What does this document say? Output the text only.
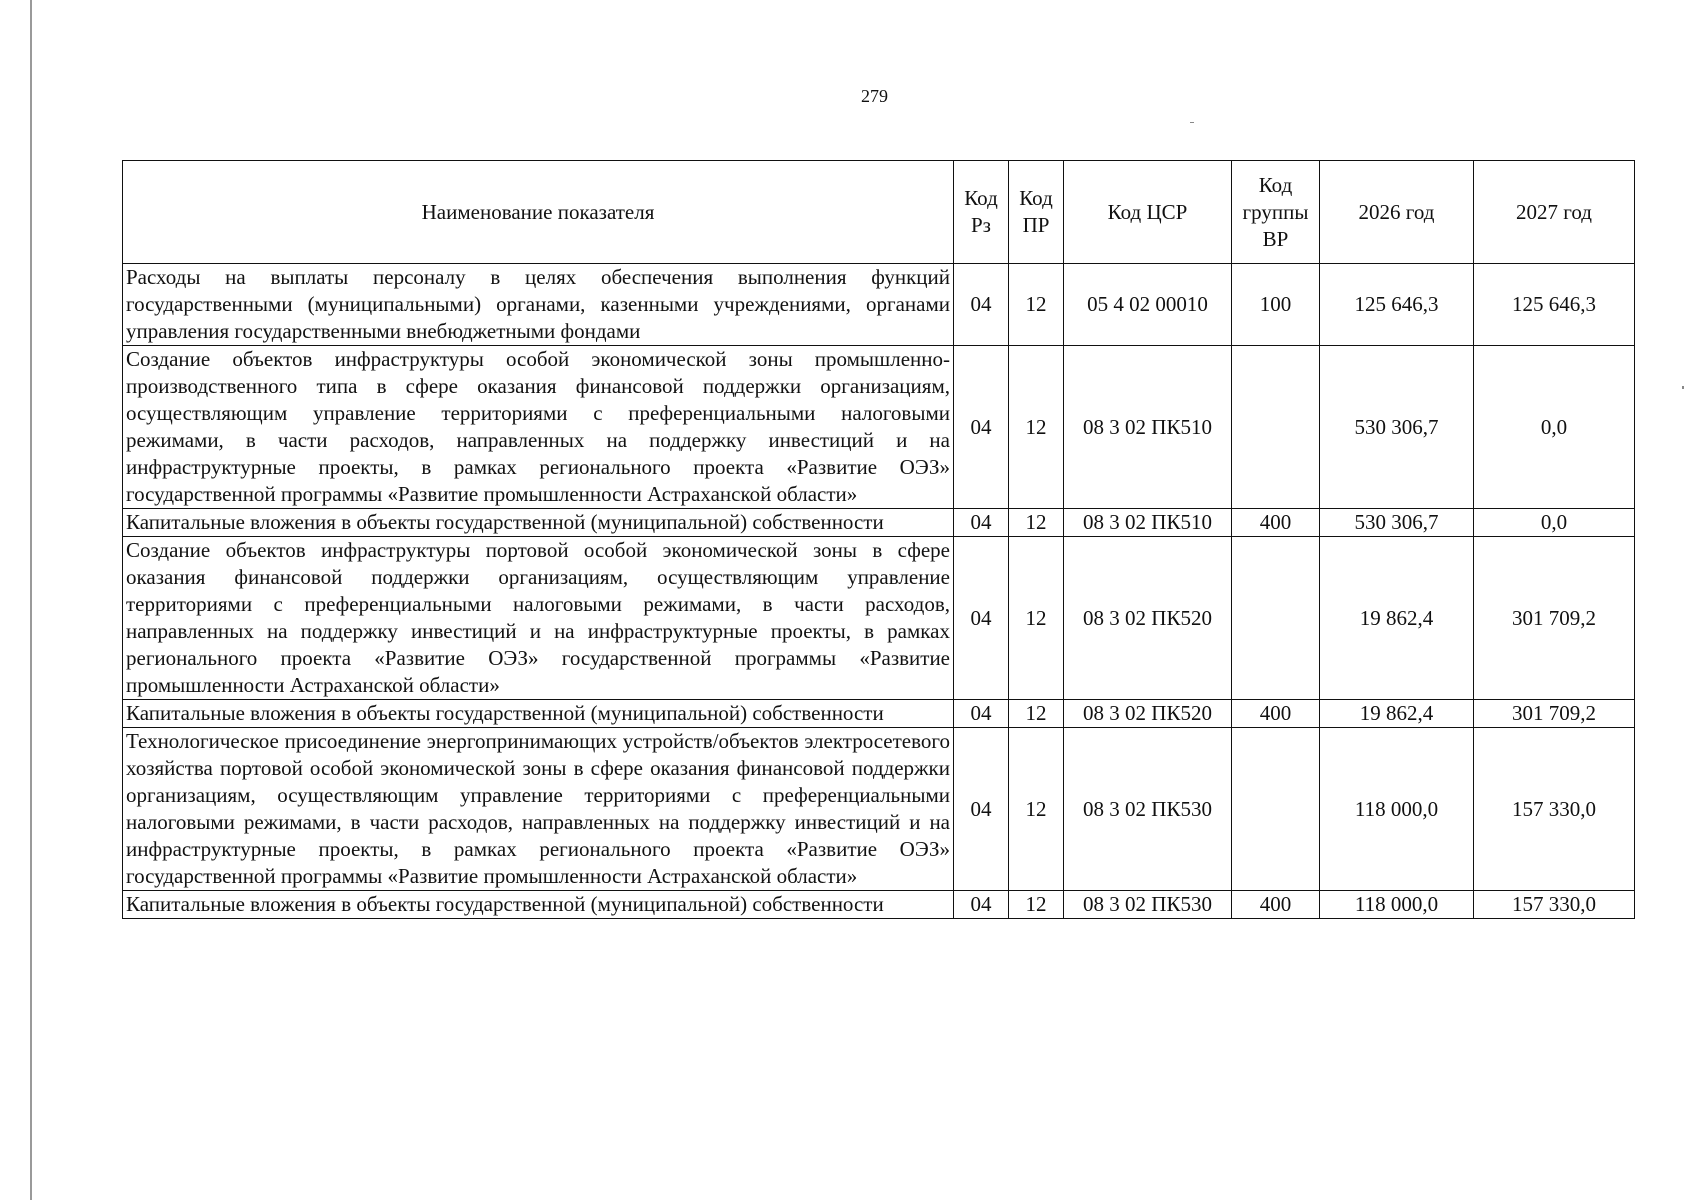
279
Наименование показателя	Код Рз	Код ПР	Код ЦСР	Код группы ВР	2026 год	2027 год
Расходы на выплаты персоналу в целях обеспечения выполнения функций государственными (муниципальными) органами, казенными учреждениями, органами управления государственными внебюджетными фондами	04	12	05 4 02 00010	100	125 646,3	125 646,3
Создание объектов инфраструктуры особой экономической зоны промышленно-производственного типа в сфере оказания финансовой поддержки организациям, осуществляющим управление территориями с преференциальными налоговыми режимами, в части расходов, направленных на поддержку инвестиций и на инфраструктурные проекты, в рамках регионального проекта «Развитие ОЭЗ» государственной программы «Развитие промышленности Астраханской области»	04	12	08 3 02 ПК510		530 306,7	0,0
Капитальные вложения в объекты государственной (муниципальной) собственности	04	12	08 3 02 ПК510	400	530 306,7	0,0
Создание объектов инфраструктуры портовой особой экономической зоны в сфере оказания финансовой поддержки организациям, осуществляющим управление территориями с преференциальными налоговыми режимами, в части расходов, направленных на поддержку инвестиций и на инфраструктурные проекты, в рамках регионального проекта «Развитие ОЭЗ» государственной программы «Развитие промышленности Астраханской области»	04	12	08 3 02 ПК520		19 862,4	301 709,2
Капитальные вложения в объекты государственной (муниципальной) собственности	04	12	08 3 02 ПК520	400	19 862,4	301 709,2
Технологическое присоединение энергопринимающих устройств/объектов электросетевого хозяйства портовой особой экономической зоны в сфере оказания финансовой поддержки организациям, осуществляющим управление территориями с преференциальными налоговыми режимами, в части расходов, направленных на поддержку инвестиций и на инфраструктурные проекты, в рамках регионального проекта «Развитие ОЭЗ» государственной программы «Развитие промышленности Астраханской области»	04	12	08 3 02 ПК530		118 000,0	157 330,0
Капитальные вложения в объекты государственной (муниципальной) собственности	04	12	08 3 02 ПК530	400	118 000,0	157 330,0
